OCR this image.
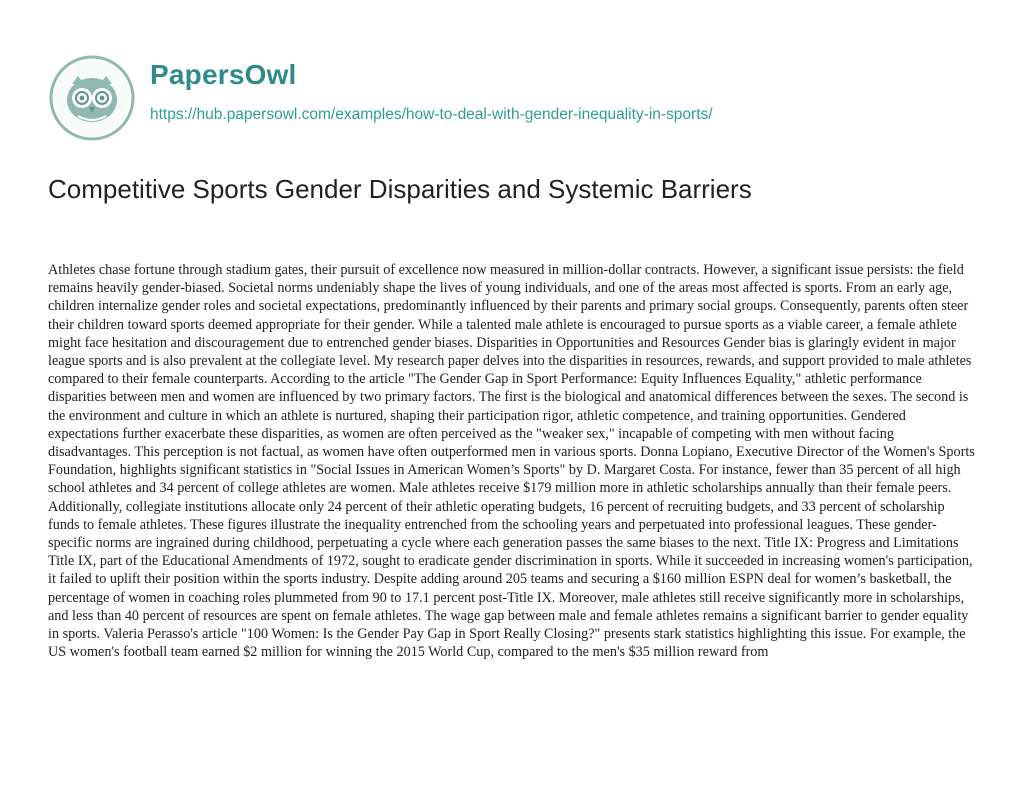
PapersOwl
https://hub.papersowl.com/examples/how-to-deal-with-gender-inequality-in-sports/
Competitive Sports Gender Disparities and Systemic Barriers

Athletes chase fortune through stadium gates, their pursuit of excellence now measured in million-dollar contracts. However, a significant issue persists: the field remains heavily gender-biased. Societal norms undeniably shape the lives of young individuals, and one of the areas most affected is sports. From an early age, children internalize gender roles and societal expectations, predominantly influenced by their parents and primary social groups. Consequently, parents often steer their children toward sports deemed appropriate for their gender. While a talented male athlete is encouraged to pursue sports as a viable career, a female athlete might face hesitation and discouragement due to entrenched gender biases. Disparities in Opportunities and Resources Gender bias is glaringly evident in major league sports and is also prevalent at the collegiate level. My research paper delves into the disparities in resources, rewards, and support provided to male athletes compared to their female counterparts. According to the article "The Gender Gap in Sport Performance: Equity Influences Equality," athletic performance disparities between men and women are influenced by two primary factors. The first is the biological and anatomical differences between the sexes. The second is the environment and culture in which an athlete is nurtured, shaping their participation rigor, athletic competence, and training opportunities. Gendered expectations further exacerbate these disparities, as women are often perceived as the "weaker sex," incapable of competing with men without facing disadvantages. This perception is not factual, as women have often outperformed men in various sports. Donna Lopiano, Executive Director of the Women's Sports Foundation, highlights significant statistics in "Social Issues in American Women’s Sports" by D. Margaret Costa. For instance, fewer than 35 percent of all high school athletes and 34 percent of college athletes are women. Male athletes receive $179 million more in athletic scholarships annually than their female peers. Additionally, collegiate institutions allocate only 24 percent of their athletic operating budgets, 16 percent of recruiting budgets, and 33 percent of scholarship funds to female athletes. These figures illustrate the inequality entrenched from the schooling years and perpetuated into professional leagues. These gender-specific norms are ingrained during childhood, perpetuating a cycle where each generation passes the same biases to the next. Title IX: Progress and Limitations Title IX, part of the Educational Amendments of 1972, sought to eradicate gender discrimination in sports. While it succeeded in increasing women's participation, it failed to uplift their position within the sports industry. Despite adding around 205 teams and securing a $160 million ESPN deal for women’s basketball, the percentage of women in coaching roles plummeted from 90 to 17.1 percent post-Title IX. Moreover, male athletes still receive significantly more in scholarships, and less than 40 percent of resources are spent on female athletes. The wage gap between male and female athletes remains a significant barrier to gender equality in sports. Valeria Perasso's article "100 Women: Is the Gender Pay Gap in Sport Really Closing?" presents stark statistics highlighting this issue. For example, the US women's football team earned $2 million for winning the 2015 World Cup, compared to the men's $35 million reward from
